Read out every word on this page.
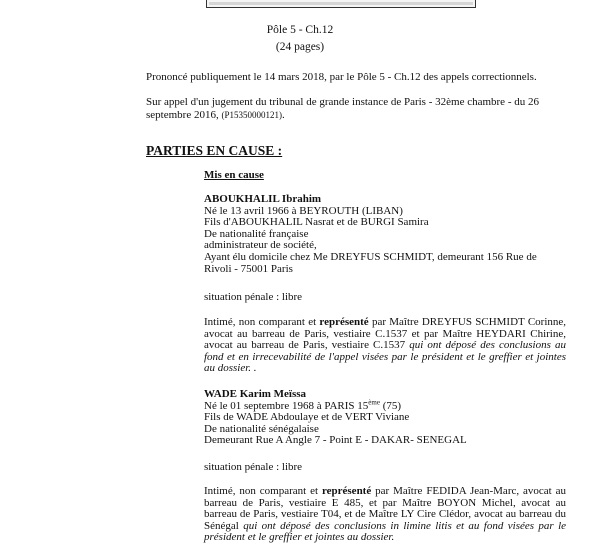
Pôle 5 - Ch.12
(24 pages)
Prononcé publiquement le 14 mars 2018, par le Pôle 5 - Ch.12 des appels correctionnels.
Sur appel d'un jugement du tribunal de grande instance de Paris - 32ème chambre - du 26 septembre 2016, (P15350000121).
PARTIES EN CAUSE :
Mis en cause
ABOUKHALIL Ibrahim
Né le 13 avril 1966 à BEYROUTH (LIBAN)
Fils d'ABOUKHALIL Nasrat et de BURGI Samira
De nationalité française
administrateur de société,
Ayant élu domicile chez Me DREYFUS SCHMIDT, demeurant 156 Rue de Rivoli - 75001 Paris
situation pénale : libre
Intimé, non comparant et représenté par Maître DREYFUS SCHMIDT Corinne, avocat au barreau de Paris, vestiaire C.1537 et par Maître HEYDARI Chirine, avocat au barreau de Paris, vestiaire C.1537 qui ont déposé des conclusions au fond et en irrecevabilité de l'appel visées par le président et le greffier et jointes au dossier. .
WADE Karim Meïssa
Né le 01 septembre 1968 à PARIS 15ème (75)
Fils de WADE Abdoulaye et de VERT Viviane
De nationalité sénégalaise
Demeurant Rue A Angle 7 - Point E - DAKAR- SENEGAL
situation pénale : libre
Intimé, non comparant et représenté par Maître FEDIDA Jean-Marc, avocat au barreau de Paris, vestiaire E 485, et par Maître BOYON Michel, avocat au barreau de Paris, vestiaire T04, et de Maître LY Cire Clédor, avocat au barreau du Sénégal qui ont déposé des conclusions in limine litis et au fond visées par le président et le greffier et jointes au dossier.
